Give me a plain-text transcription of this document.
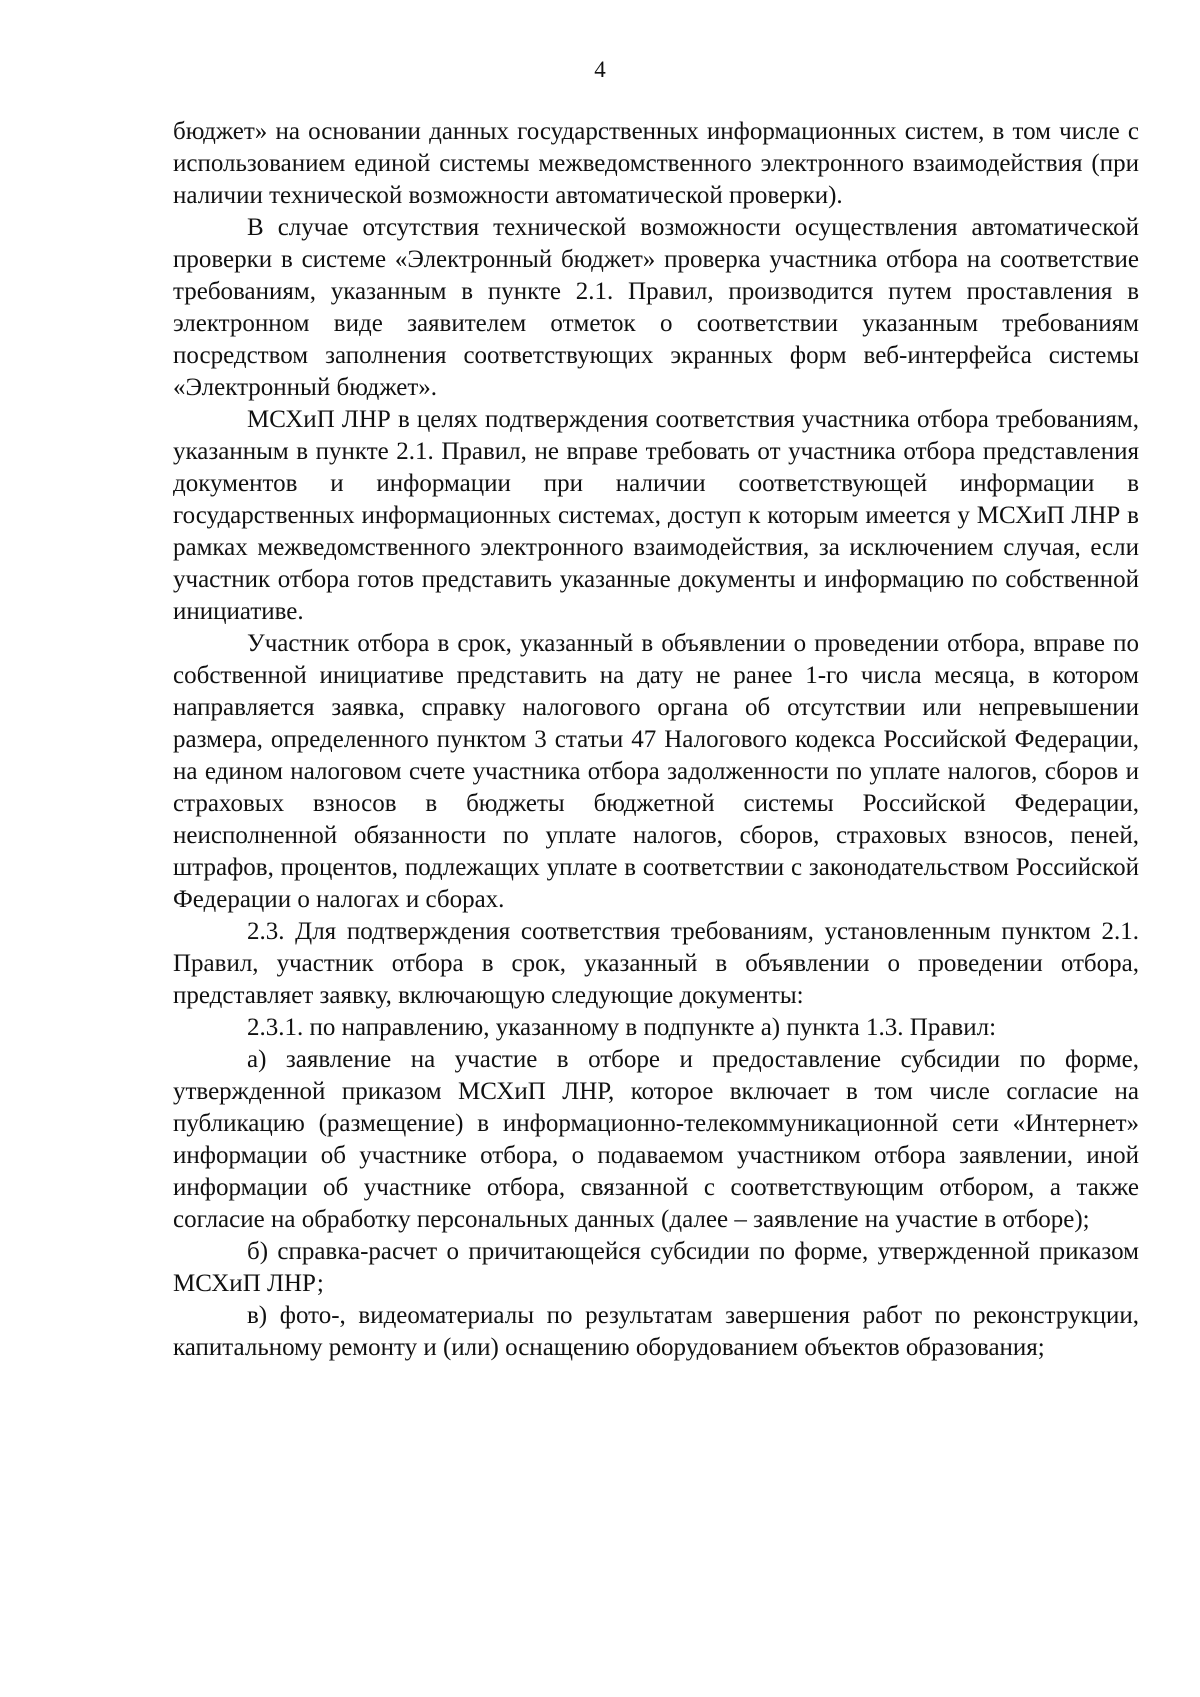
4

бюджет» на основании данных государственных информационных систем, в том числе с использованием единой системы межведомственного электронного взаимодействия (при наличии технической возможности автоматической проверки).

В случае отсутствия технической возможности осуществления автоматической проверки в системе «Электронный бюджет» проверка участника отбора на соответствие требованиям, указанным в пункте 2.1. Правил, производится путем проставления в электронном виде заявителем отметок о соответствии указанным требованиям посредством заполнения соответствующих экранных форм веб-интерфейса системы «Электронный бюджет».

МСХиП ЛНР в целях подтверждения соответствия участника отбора требованиям, указанным в пункте 2.1. Правил, не вправе требовать от участника отбора представления документов и информации при наличии соответствующей информации в государственных информационных системах, доступ к которым имеется у МСХиП ЛНР в рамках межведомственного электронного взаимодействия, за исключением случая, если участник отбора готов представить указанные документы и информацию по собственной инициативе.

Участник отбора в срок, указанный в объявлении о проведении отбора, вправе по собственной инициативе представить на дату не ранее 1-го числа месяца, в котором направляется заявка, справку налогового органа об отсутствии или непревышении размера, определенного пунктом 3 статьи 47 Налогового кодекса Российской Федерации, на едином налоговом счете участника отбора задолженности по уплате налогов, сборов и страховых взносов в бюджеты бюджетной системы Российской Федерации, неисполненной обязанности по уплате налогов, сборов, страховых взносов, пеней, штрафов, процентов, подлежащих уплате в соответствии с законодательством Российской Федерации о налогах и сборах.

2.3. Для подтверждения соответствия требованиям, установленным пунктом 2.1. Правил, участник отбора в срок, указанный в объявлении о проведении отбора, представляет заявку, включающую следующие документы:

2.3.1. по направлению, указанному в подпункте а) пункта 1.3. Правил:

а) заявление на участие в отборе и предоставление субсидии по форме, утвержденной приказом МСХиП ЛНР, которое включает в том числе согласие на публикацию (размещение) в информационно-телекоммуникационной сети «Интернет» информации об участнике отбора, о подаваемом участником отбора заявлении, иной информации об участнике отбора, связанной с соответствующим отбором, а также согласие на обработку персональных данных (далее – заявление на участие в отборе);

б) справка-расчет о причитающейся субсидии по форме, утвержденной приказом МСХиП ЛНР;

в) фото-, видеоматериалы по результатам завершения работ по реконструкции, капитальному ремонту и (или) оснащению оборудованием объектов образования;
